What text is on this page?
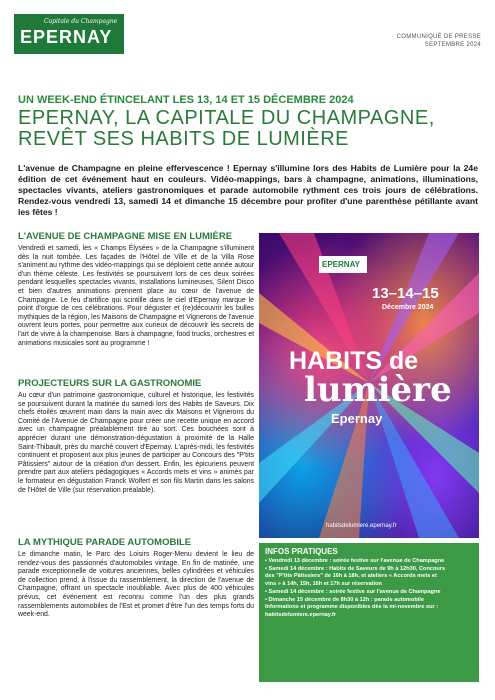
Capitale du Champagne
EPERNAY	COMMUNIQUÉ DE PRESSE
SEPTEMBRE 2024
UN WEEK-END ÉTINCELANT LES 13, 14 ET 15 DÉCEMBRE 2024
EPERNAY, LA CAPITALE DU CHAMPAGNE,
REVÊT SES HABITS DE LUMIÈRE
L'avenue de Champagne en pleine effervescence ! Epernay s'illumine lors des Habits de Lumière pour la 24e édition de cet événement haut en couleurs. Vidéo-mappings, bars à champagne, animations, illuminations, spectacles vivants, ateliers gastronomiques et parade automobile rythment ces trois jours de célébrations. Rendez-vous vendredi 13, samedi 14 et dimanche 15 décembre pour profiter d'une parenthèse pétillante avant les fêtes !
L'AVENUE DE CHAMPAGNE MISE EN LUMIÈRE
Vendredi et samedi, les « Champs Élysées » de la Champagne s'illuminent dès la nuit tombée. Les façades de l'Hôtel de Ville et de la Villa Rose s'animent au rythme des vidéo-mappings qui se déploient cette année autour d'un thème céleste. Les festivités se poursuivent lors de ces deux soirées pendant lesquelles spectacles vivants, installations lumineuses, Silent Disco et bien d'autres animations prennent place au cœur de l'avenue de Champagne. Le feu d'artifice qui scintille dans le ciel d'Epernay marque le point d'orgue de ces célébrations. Pour déguster et (re)découvrir les bulles mythiques de la région, les Maisons de Champagne et Vignerons de l'avenue ouvrent leurs portes, pour permettre aux curieux de découvrir les secrets de l'art de vivre à la champenoise. Bars à champagne, food trucks, orchestres et animations musicales sont au programme !
PROJECTEURS SUR LA GASTRONOMIE
Au cœur d'un patrimoine gastronomique, culturel et historique, les festivités se poursuivent durant la matinée du samedi lors des Habits de Saveurs. Dix chefs étoilés œuvrent main dans la main avec dix Maisons et Vignerons du Comité de l'Avenue de Champagne pour créer une recette unique en accord avec un champagne préalablement tiré au sort. Ces bouchées sont à apprécier durant une démonstration-dégustation à proximité de la Halle Saint-Thibault, près du marché couvert d'Epernay. L'après-midi, les festivités continuent et proposent aux plus jeunes de participer au Concours des "P'tits Pâtissiers" autour de la création d'un dessert. Enfin, les épicuriens peuvent prendre part aux ateliers pédagogiques « Accords mets et vins » animés par le formateur en dégustation Franck Wolfert et son fils Martin dans les salons de l'Hôtel de Ville (sur réservation préalable).
LA MYTHIQUE PARADE AUTOMOBILE
Le dimanche matin, le Parc des Loisirs Roger-Menu devient le lieu de rendez-vous des passionnés d'automobiles vintage. En fin de matinée, une parade exceptionnelle de voitures anciennes, belles cylindrées et véhicules de collection prend, à l'issue du rassemblement, la direction de l'avenue de Champagne, offrant un spectacle inoubliable. Avec plus de 400 véhicules prévus, cet événement est reconnu comme l'un des plus grands rassemblements automobiles de l'Est et promet d'être l'un des temps forts du week-end.
EPERNAY
13–14–15
Décembre 2024
HABITS de
lumière
Epernay
habitsdelumiere.epernay.fr
INFOS PRATIQUES
• Vendredi 13 décembre : soirée festive sur l'avenue de Champagne
• Samedi 14 décembre : Habits de Saveurs de 9h à 12h30, Concours
des "P'tits Pâtissiers" de 16h à 18h, et ateliers « Accords mets et
vins » à 14h, 15h, 16h et 17h sur réservation
• Samedi 14 décembre : soirée festive sur l'avenue de Champagne
• Dimanche 15 décembre de 8h30 à 12h : parade automobile
Informations et programme disponibles dès la mi-novembre sur :
habitsdelumiere.epernay.fr
